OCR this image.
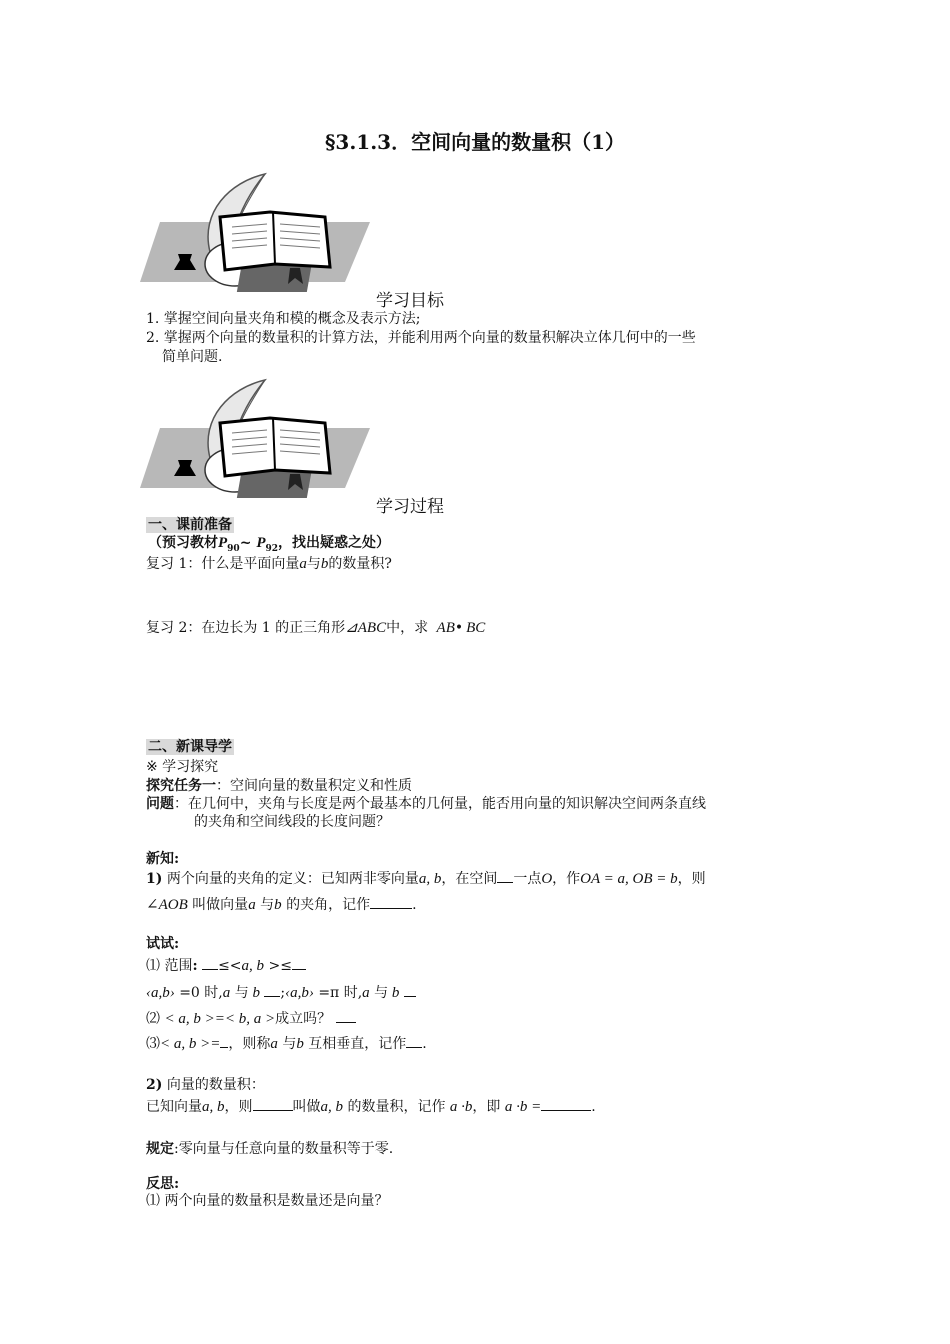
§3.1.3．空间向量的数量积（1）
学习目标
1. 掌握空间向量夹角和模的概念及表示方法;
2. 掌握两个向量的数量积的计算方法，并能利用两个向量的数量积解决立体几何中的一些
简单问题.
学习过程
一、课前准备
（预习教材$P_{90}\sim$ $P_{92}$，找出疑惑之处）
复习 1：什么是平面向量a与b的数量积?
复习 2：在边长为 1 的正三角形⊿ABC中，求 AB• BC
二、新课导学
※ 学习探究
探究任务一：空间向量的数量积定义和性质
问题：在几何中，夹角与长度是两个最基本的几何量，能否用向量的知识解决空间两条直线
的夹角和空间线段的长度问题？
新知:
1) 两个向量的夹角的定义：已知两非零向量a, b，在空间 一点O，作OA = a, OB = b，则
∠AOB 叫做向量a 与b 的夹角，记作	.
试试:
⑴ 范围: ≤<a, b >≤
‹a,b› =0 时,a 与 b ;‹a,b› =π 时,a 与 b
⑵ < a, b >=< b, a >成立吗？
⑶< a, b >= ，则称a 与b 互相垂直，记作 .
2) 向量的数量积：
已知向量a, b，则	叫做a, b 的数量积，记作 a ·b，即 a ·b =	.
规定:零向量与任意向量的数量积等于零.
反思:
⑴ 两个向量的数量积是数量还是向量？
